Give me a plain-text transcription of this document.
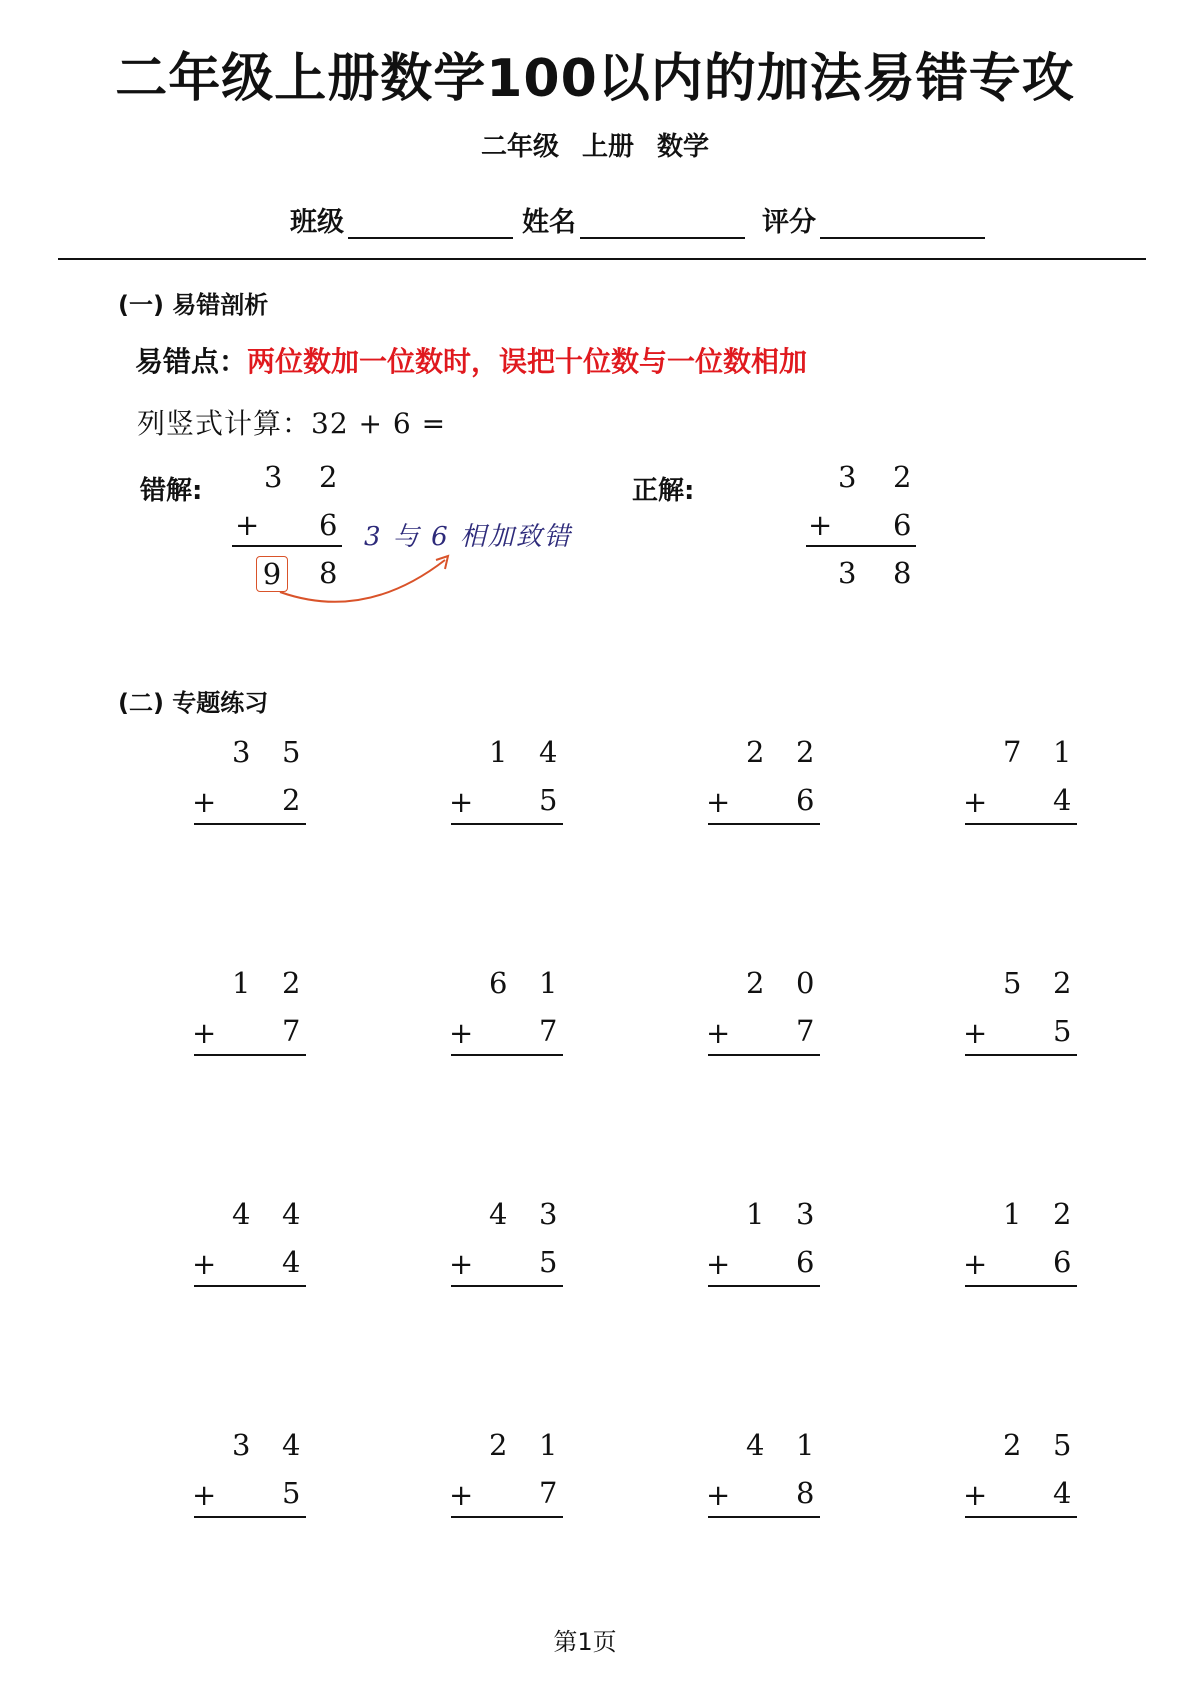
二年级上册数学100以内的加法易错专攻
二年级 上册 数学
班级	姓名	评分
(一) 易错剖析
易错点：两位数加一位数时，误把十位数与一位数相加
列竖式计算：32 + 6 =
错解: 3 2
+ 6
9 8
3 与 6 相加致错
正解:	3 2
+ 6
3 8
(二) 专题练习
3 5
+ 2
1 4
+ 5
2 2
+ 6
7 1
+ 4
1 2
+ 7
6 1
+ 7
2 0
+ 7
5 2
+ 5
4 4
+ 4
4 3
+ 5
1 3
+ 6
1 2
+ 6
3 4
+ 5
2 1
+ 7
4 1
+ 8
2 5
+ 4
第1页
